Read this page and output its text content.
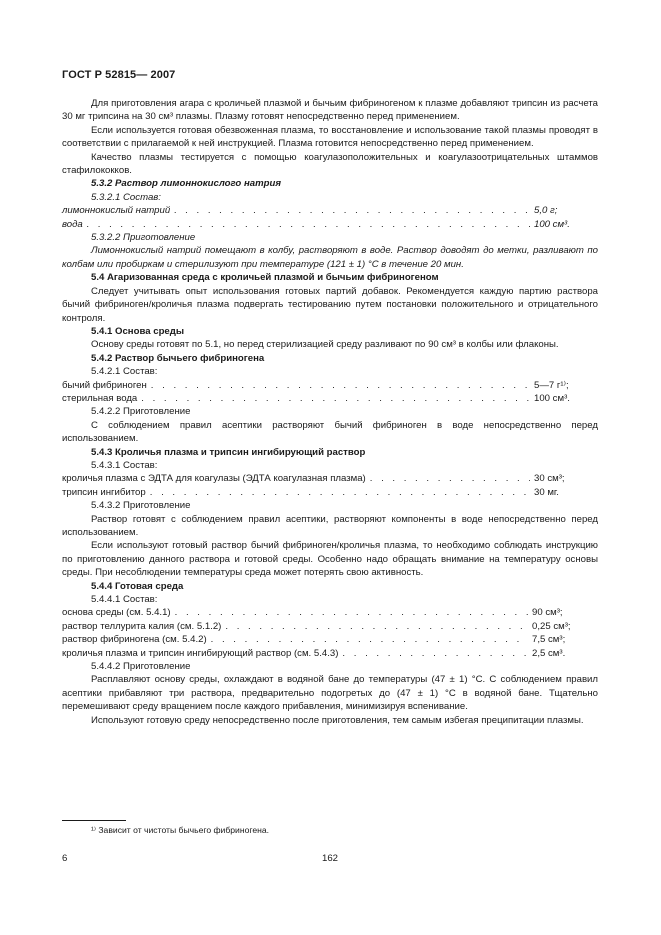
ГОСТ Р 52815— 2007

Для приготовления агара с кроличьей плазмой и бычьим фибриногеном к плазме добавляют трипсин из расчета 30 мг трипсина на 30 см³ плазмы. Плазму готовят непосредственно перед применением.

Если используется готовая обезвоженная плазма, то восстановление и использование такой плазмы проводят в соответствии с прилагаемой к ней инструкцией. Плазма готовится непосредственно перед применением.

Качество плазмы тестируется с помощью коагулазоположительных и коагулазоотрицательных штаммов стафилококков.

5.3.2 Раствор лимоннокислого натрия

5.3.2.1 Состав:

лимоннокислый натрий . . .	5,0 г;
вода . . .	100 см³.

5.3.2.2 Приготовление

Лимоннокислый натрий помещают в колбу, растворяют в воде. Раствор доводят до метки, разливают по колбам или пробиркам и стерилизуют при температуре (121 ± 1) °С в течение 20 мин.

5.4 Агаризованная среда с кроличьей плазмой и бычьим фибриногеном

Следует учитывать опыт использования готовых партий добавок. Рекомендуется каждую партию раствора бычий фибриноген/кроличья плазма подвергать тестированию путем постановки положительного и отрицательного контроля.

5.4.1 Основа среды

Основу среды готовят по 5.1, но перед стерилизацией среду разливают по 90 см³ в колбы или флаконы.

5.4.2 Раствор бычьего фибриногена

5.4.2.1 Состав:

бычий фибриноген . . .	5—7 г¹⁾;
стерильная вода . . .	100 см³.

5.4.2.2 Приготовление

С соблюдением правил асептики растворяют бычий фибриноген в воде непосредственно перед использованием.

5.4.3 Кроличья плазма и трипсин ингибирующий раствор

5.4.3.1 Состав:

кроличья плазма с ЭДТА для коагулазы (ЭДТА коагулазная плазма) . . .	30 см³;
трипсин ингибитор . . .	30 мг.

5.4.3.2 Приготовление

Раствор готовят с соблюдением правил асептики, растворяют компоненты в воде непосредственно перед использованием.

Если используют готовый раствор бычий фибриноген/кроличья плазма, то необходимо соблюдать инструкцию по приготовлению данного раствора и готовой среды. Особенно надо обращать внимание на температуру основы среды. При несоблюдении температуры среда может потерять свою активность.

5.4.4 Готовая среда

5.4.4.1 Состав:

основа среды (см. 5.4.1) . . .	90 см³;
раствор теллурита калия (см. 5.1.2) . . .	0,25 см³;
раствор фибриногена (см. 5.4.2) . . .	7,5 см³;
кроличья плазма и трипсин ингибирующий раствор (см. 5.4.3) . . .	2,5 см³.

5.4.4.2 Приготовление

Расплавляют основу среды, охлаждают в водяной бане до температуры (47 ± 1) °С. С соблюдением правил асептики прибавляют три раствора, предварительно подогретых до (47 ± 1) °С в водяной бане. Тщательно перемешивают среду вращением после каждого прибавления, минимизируя вспенивание.

Используют готовую среду непосредственно после приготовления, тем самым избегая преципитации плазмы.

¹⁾ Зависит от чистоты бычьего фибриногена.
6	162
